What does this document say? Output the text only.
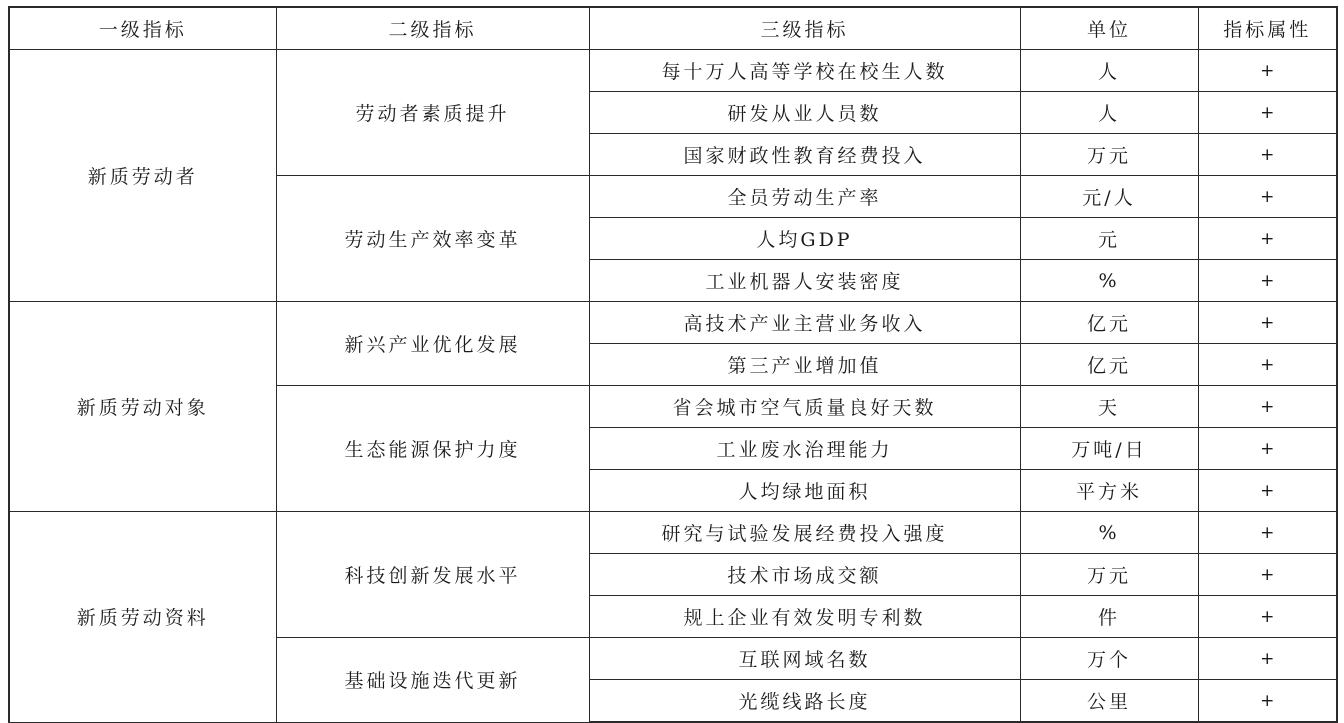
一级指标	二级指标	三级指标	单位	指标属性
新质劳动者	劳动者素质提升	每十万人高等学校在校生人数	人	+
		研发从业人员数	人	+
		国家财政性教育经费投入	万元	+
	劳动生产效率变革	全员劳动生产率	元/人	+
		人均GDP	元	+
		工业机器人安装密度	%	+
新质劳动对象	新兴产业优化发展	高技术产业主营业务收入	亿元	+
		第三产业增加值	亿元	+
	生态能源保护力度	省会城市空气质量良好天数	天	+
		工业废水治理能力	万吨/日	+
		人均绿地面积	平方米	+
新质劳动资料	科技创新发展水平	研究与试验发展经费投入强度	%	+
		技术市场成交额	万元	+
		规上企业有效发明专利数	件	+
	基础设施迭代更新	互联网域名数	万个	+
		光缆线路长度	公里	+
